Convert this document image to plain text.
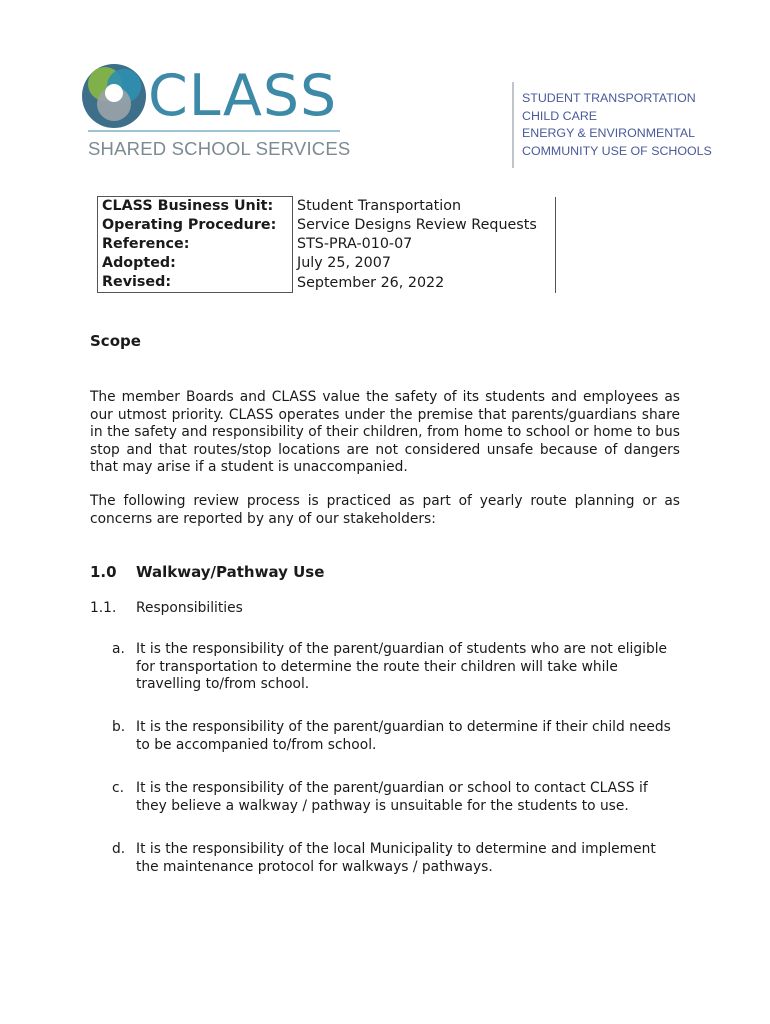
CLASS
SHARED SCHOOL SERVICES
STUDENT TRANSPORTATION
CHILD CARE
ENERGY & ENVIRONMENTAL
COMMUNITY USE OF SCHOOLS
CLASS Business Unit:	Student Transportation
Operating Procedure:	Service Designs Review Requests
Reference:	STS-PRA-010-07
Adopted:	July 25, 2007
Revised:	September 26, 2022
Scope

The member Boards and CLASS value the safety of its students and employees as our utmost priority. CLASS operates under the premise that parents/guardians share in the safety and responsibility of their children, from home to school or home to bus stop and that routes/stop locations are not considered unsafe because of dangers that may arise if a student is unaccompanied.

The following review process is practiced as part of yearly route planning or as concerns are reported by any of our stakeholders:

1.0 Walkway/Pathway Use
1.1. Responsibilities
a. It is the responsibility of the parent/guardian of students who are not eligible for transportation to determine the route their children will take while travelling to/from school.
b. It is the responsibility of the parent/guardian to determine if their child needs to be accompanied to/from school.
c. It is the responsibility of the parent/guardian or school to contact CLASS if they believe a walkway / pathway is unsuitable for the students to use.
d. It is the responsibility of the local Municipality to determine and implement the maintenance protocol for walkways / pathways.
